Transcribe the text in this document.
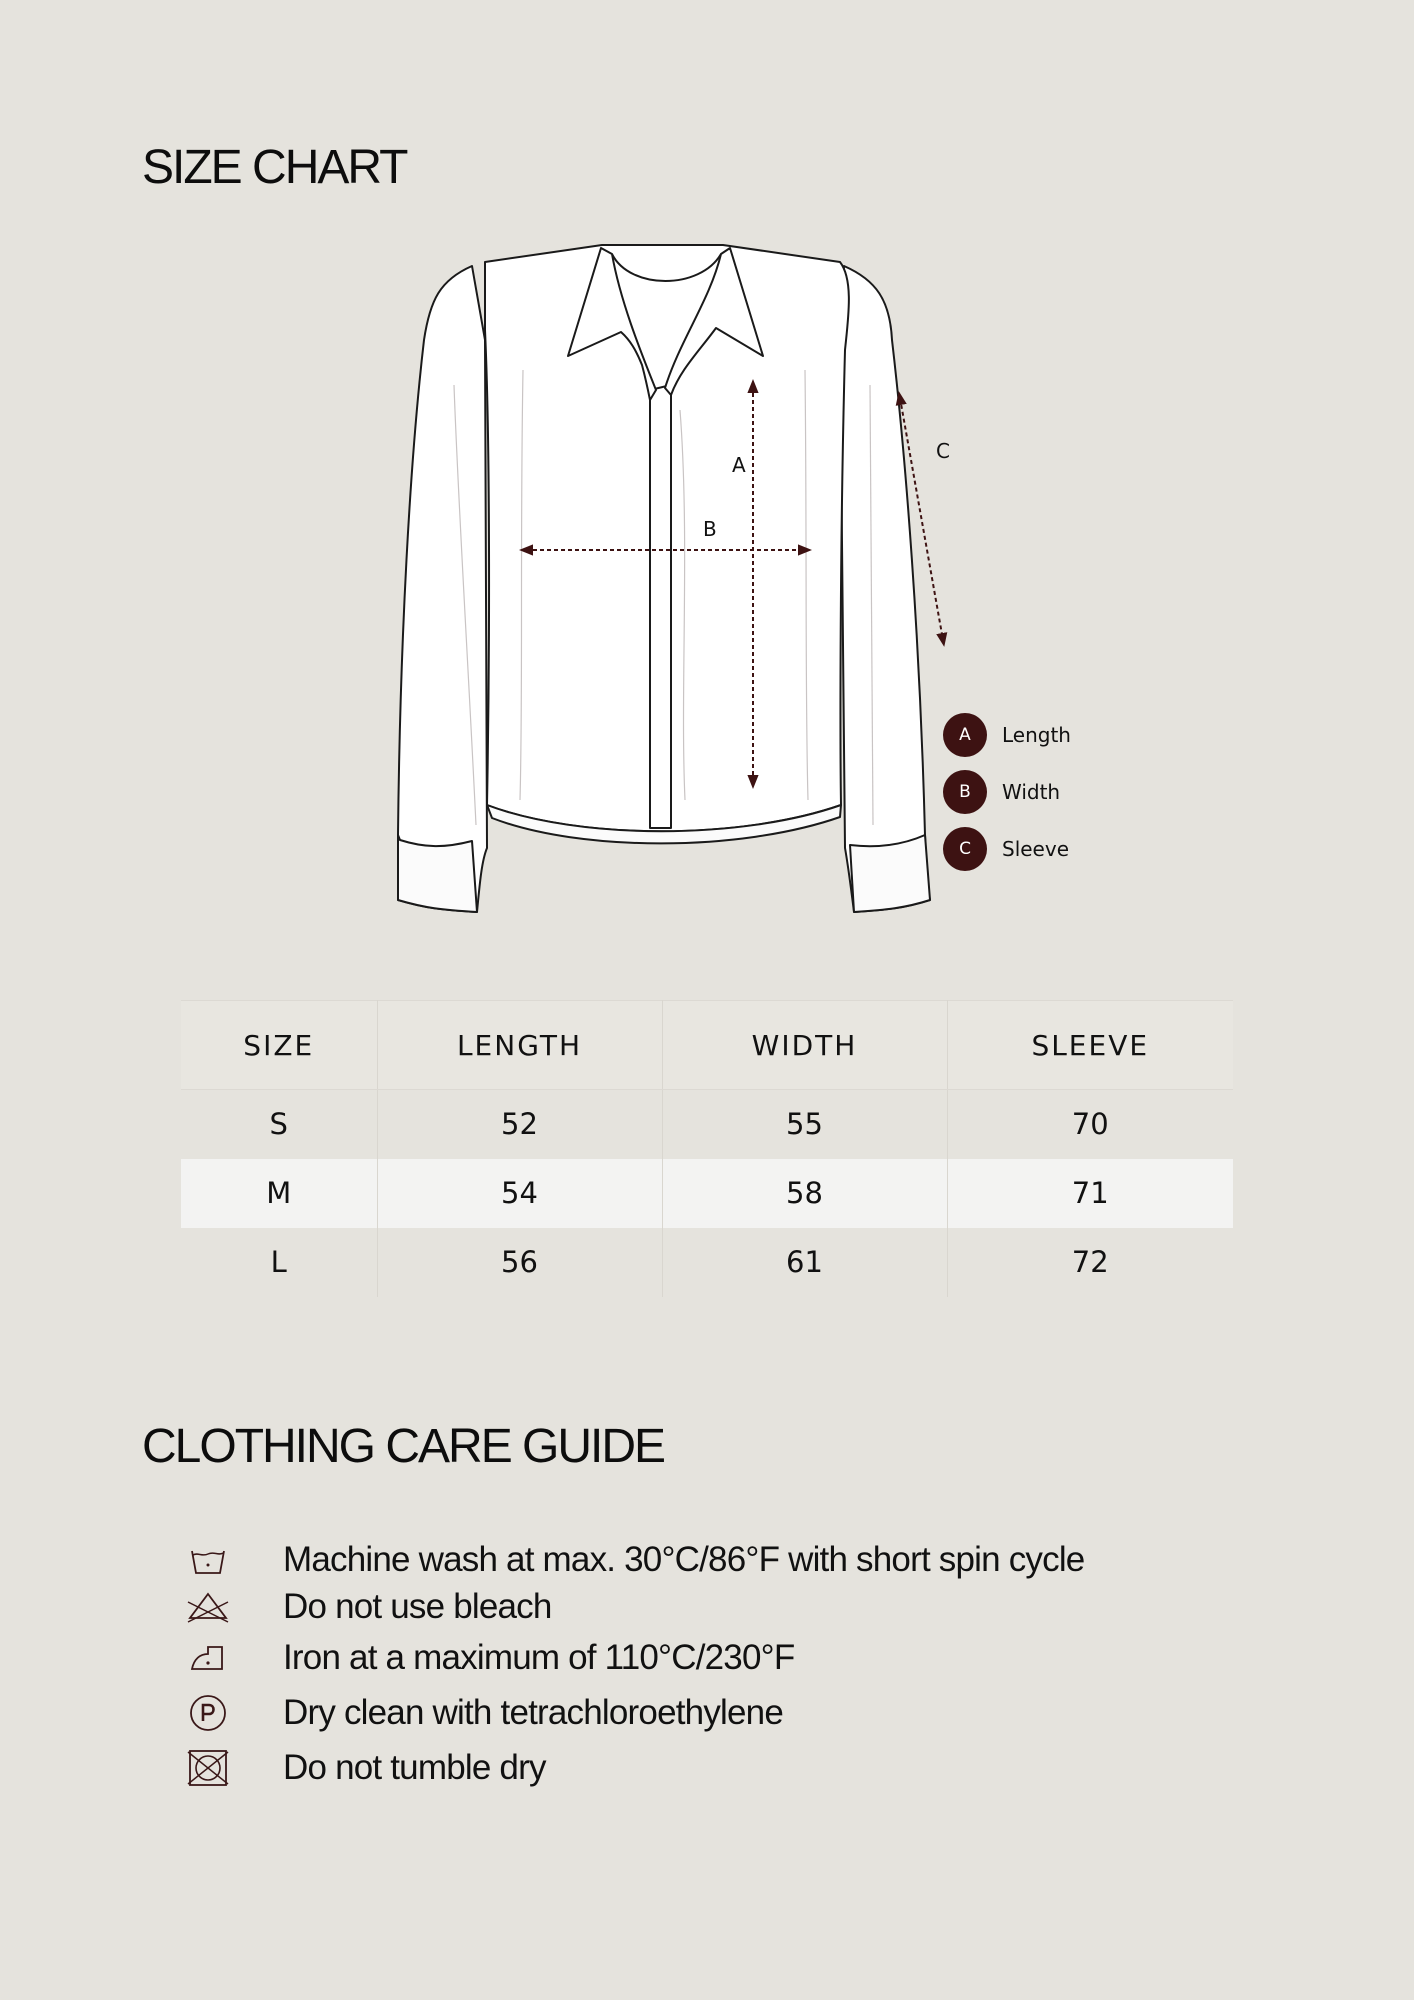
SIZE CHART
A
B
C
A	Length
B	Width
C	Sleeve
SIZE	LENGTH	WIDTH	SLEEVE
S	52	55	70
M	54	58	71
L	56	61	72
CLOTHING CARE GUIDE
Machine wash at max. 30°C/86°F with short spin cycle
Do not use bleach
Iron at a maximum of 110°C/230°F
Dry clean with tetrachloroethylene
Do not tumble dry
